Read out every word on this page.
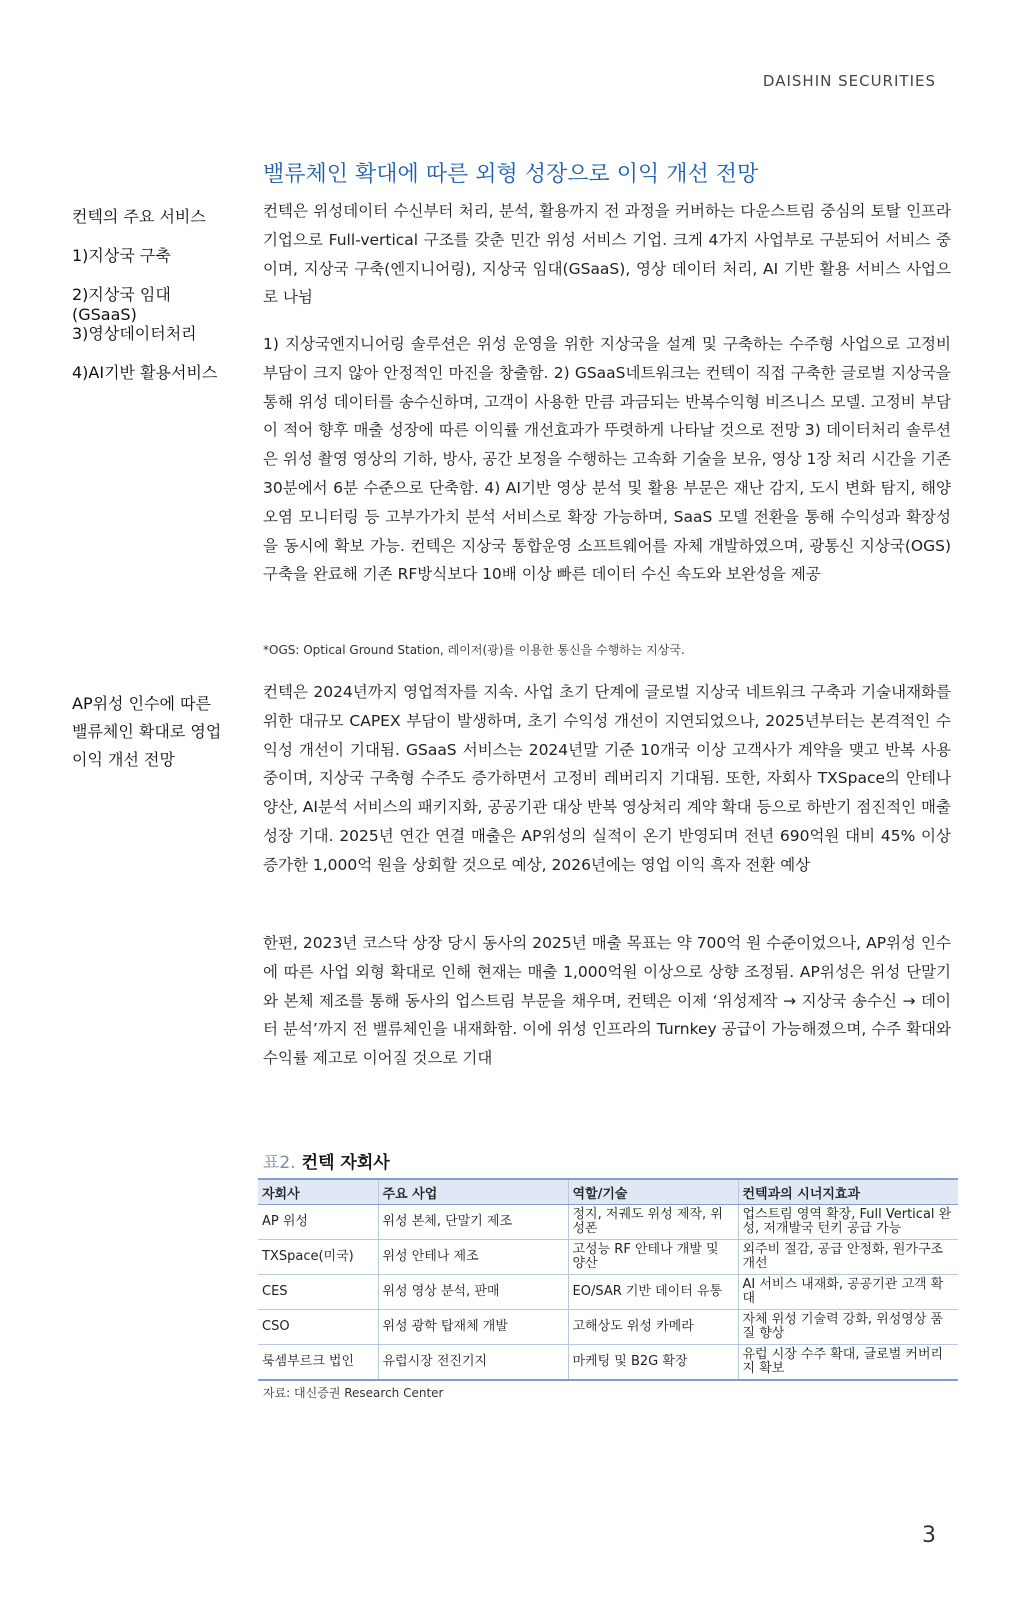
DAISHIN SECURITIES
밸류체인 확대에 따른 외형 성장으로 이익 개선 전망
컨텍의 주요 서비스
1)지상국 구축
2)지상국 임대(GSaaS)
3)영상데이터처리
4)AI기반 활용서비스
AP위성 인수에 따른
밸류체인 확대로 영업
이익 개선 전망

컨텍은 위성데이터 수신부터 처리, 분석, 활용까지 전 과정을 커버하는 다운스트림 중심의 토탈 인프라기업으로 Full-vertical 구조를 갖춘 민간 위성 서비스 기업. 크게 4가지 사업부로 구분되어 서비스 중이며, 지상국 구축(엔지니어링), 지상국 임대(GSaaS), 영상 데이터 처리, AI 기반 활용 서비스 사업으로 나뉨

1) 지상국엔지니어링 솔루션은 위성 운영을 위한 지상국을 설계 및 구축하는 수주형 사업으로 고정비 부담이 크지 않아 안정적인 마진을 창출함. 2) GSaaS네트워크는 컨텍이 직접 구축한 글로벌 지상국을 통해 위성 데이터를 송수신하며, 고객이 사용한 만큼 과금되는 반복수익형 비즈니스 모델. 고정비 부담이 적어 향후 매출 성장에 따른 이익률 개선효과가 뚜렷하게 나타날 것으로 전망 3) 데이터처리 솔루션은 위성 촬영 영상의 기하, 방사, 공간 보정을 수행하는 고속화 기술을 보유, 영상 1장 처리 시간을 기존 30분에서 6분 수준으로 단축함. 4) AI기반 영상 분석 및 활용 부문은 재난 감지, 도시 변화 탐지, 해양 오염 모니터링 등 고부가가치 분석 서비스로 확장 가능하며, SaaS 모델 전환을 통해 수익성과 확장성을 동시에 확보 가능. 컨텍은 지상국 통합운영 소프트웨어를 자체 개발하였으며, 광통신 지상국(OGS) 구축을 완료해 기존 RF방식보다 10배 이상 빠른 데이터 수신 속도와 보완성을 제공

*OGS: Optical Ground Station, 레이저(광)를 이용한 통신을 수행하는 지상국.

컨텍은 2024년까지 영업적자를 지속. 사업 초기 단계에 글로벌 지상국 네트워크 구축과 기술내재화를 위한 대규모 CAPEX 부담이 발생하며, 초기 수익성 개선이 지연되었으나, 2025년부터는 본격적인 수익성 개선이 기대됨. GSaaS 서비스는 2024년말 기준 10개국 이상 고객사가 계약을 맺고 반복 사용 중이며, 지상국 구축형 수주도 증가하면서 고정비 레버리지 기대됨. 또한, 자회사 TXSpace의 안테나 양산, AI분석 서비스의 패키지화, 공공기관 대상 반복 영상처리 계약 확대 등으로 하반기 점진적인 매출 성장 기대. 2025년 연간 연결 매출은 AP위성의 실적이 온기 반영되며 전년 690억원 대비 45% 이상 증가한 1,000억 원을 상회할 것으로 예상, 2026년에는 영업 이익 흑자 전환 예상

한편, 2023년 코스닥 상장 당시 동사의 2025년 매출 목표는 약 700억 원 수준이었으나, AP위성 인수에 따른 사업 외형 확대로 인해 현재는 매출 1,000억원 이상으로 상향 조정됨. AP위성은 위성 단말기와 본체 제조를 통해 동사의 업스트림 부문을 채우며, 컨텍은 이제 ‘위성제작 → 지상국 송수신 → 데이터 분석’까지 전 밸류체인을 내재화함. 이에 위성 인프라의 Turnkey 공급이 가능해졌으며, 수주 확대와 수익률 제고로 이어질 것으로 기대

표2. 컨텍 자회사
자회사	주요 사업	역할/기술	컨텍과의 시너지효과
AP 위성	위성 본체, 단말기 제조	정지, 저궤도 위성 제작, 위성폰	업스트림 영역 확장, Full Vertical 완성, 저개발국 턴키 공급 가능
TXSpace(미국)	위성 안테나 제조	고성능 RF 안테나 개발 및 양산	외주비 절감, 공급 안정화, 원가구조 개선
CES	위성 영상 분석, 판매	EO/SAR 기반 데이터 유통	AI 서비스 내재화, 공공기관 고객 확대
CSO	위성 광학 탑재체 개발	고해상도 위성 카메라	자체 위성 기술력 강화, 위성영상 품질 향상
룩셈부르크 법인	유럽시장 전진기지	마케팅 및 B2G 확장	유럽 시장 수주 확대, 글로벌 커버리지 확보
자료: 대신증권 Research Center
3
